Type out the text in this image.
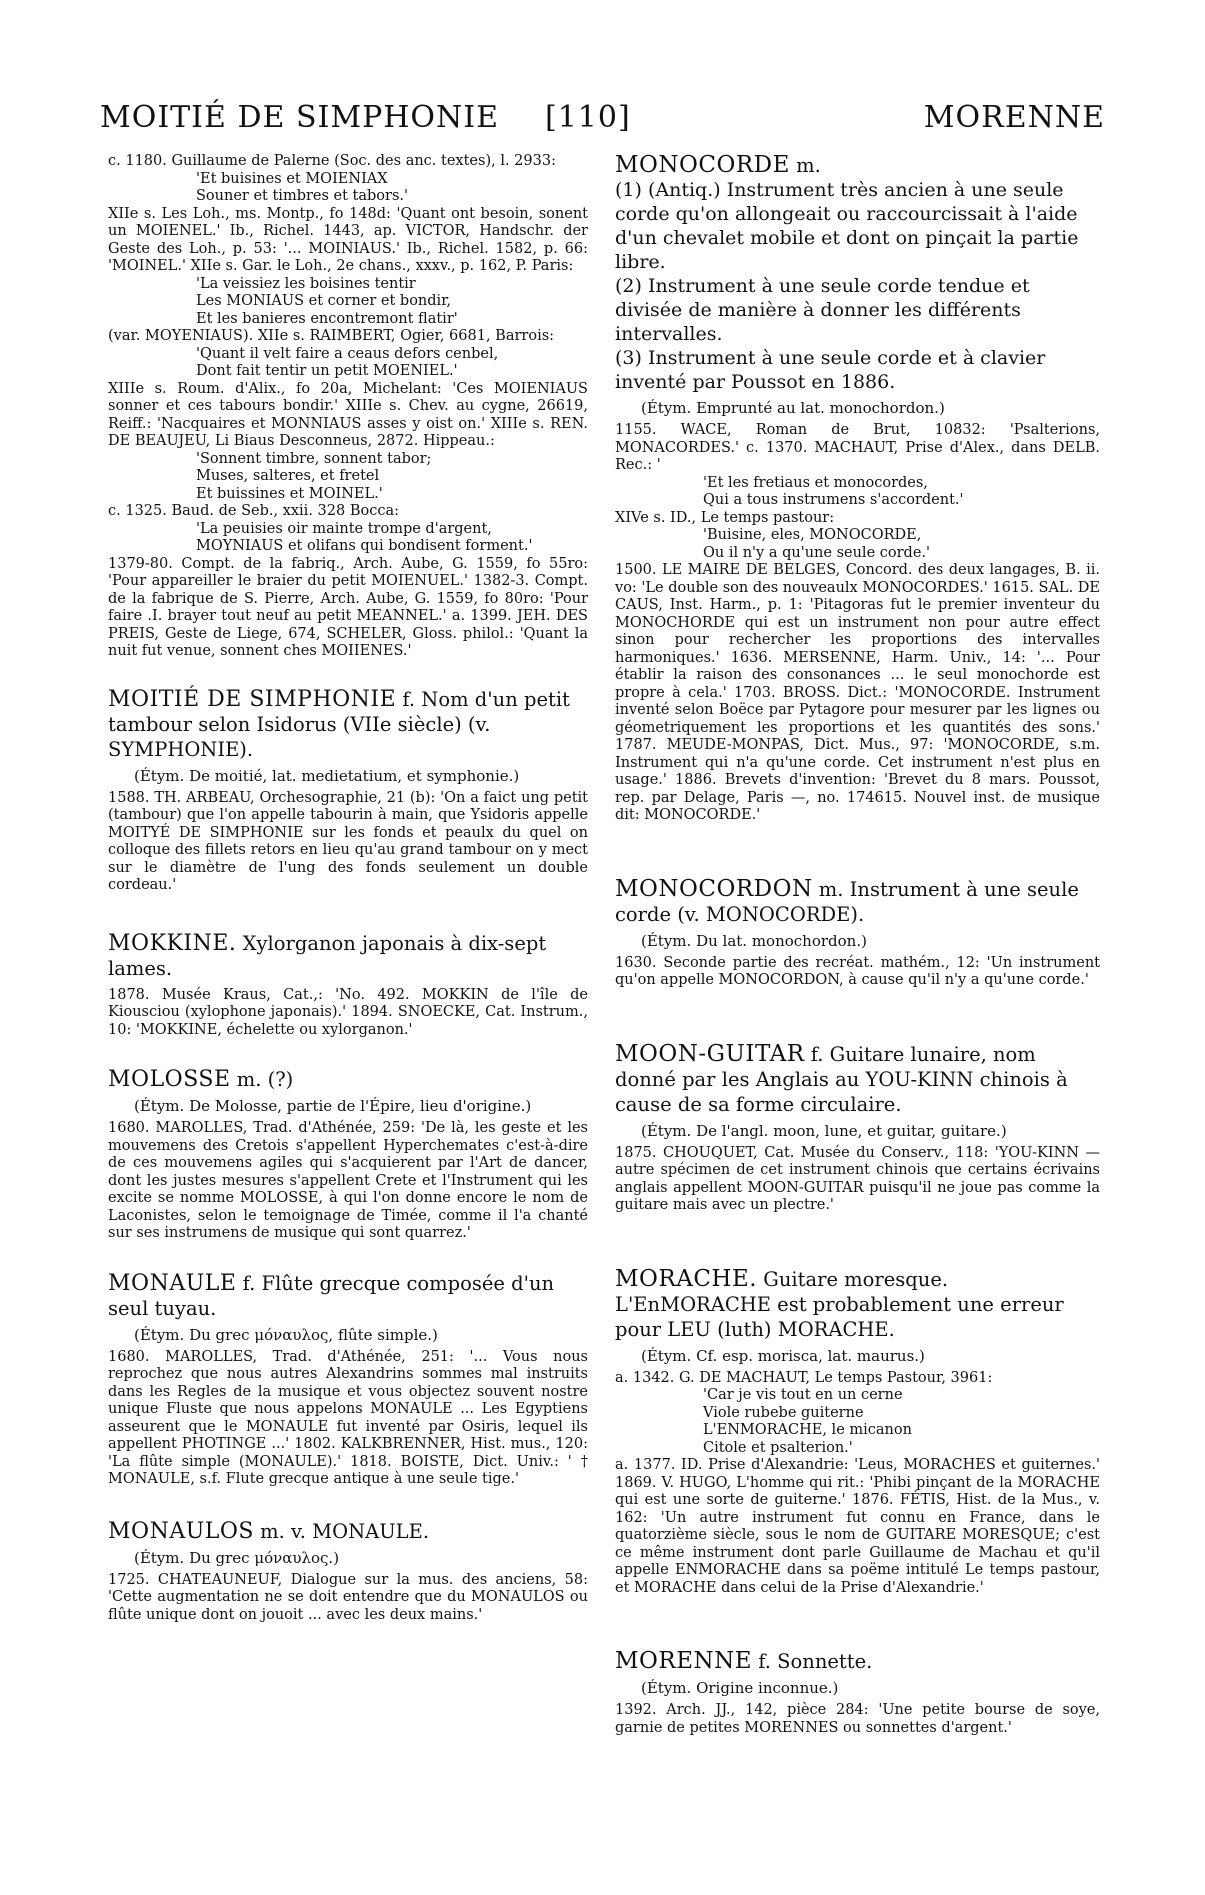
MOITIÉ DE SIMPHONIE [110]	MORENNE

c. 1180. Guillaume de Palerne (Soc. des anc. textes), l. 2933:

'Et buisines et MOIENIAX
Souner et timbres et tabors.'

XIIe s. Les Loh., ms. Montp., fo 148d: 'Quant ont besoin, sonent un MOIENEL.' Ib., Richel. 1443, ap. VICTOR, Handschr. der Geste des Loh., p. 53: '... MOINIAUS.' Ib., Richel. 1582, p. 66: 'MOINEL.' XIIe s. Gar. le Loh., 2e chans., xxxv., p. 162, P. Paris:

'La veissiez les boisines tentir
Les MONIAUS et corner et bondir,
Et les banieres encontremont flatir'

(var. MOYENIAUS). XIIe s. RAIMBERT, Ogier, 6681, Barrois:

'Quant il velt faire a ceaus defors cenbel,
Dont fait tentir un petit MOENIEL.'

XIIIe s. Roum. d'Alix., fo 20a, Michelant: 'Ces MOIENIAUS sonner et ces tabours bondir.' XIIIe s. Chev. au cygne, 26619, Reiff.: 'Nacquaires et MONNIAUS asses y oist on.' XIIIe s. REN. DE BEAUJEU, Li Biaus Desconneus, 2872. Hippeau.:

'Sonnent timbre, sonnent tabor;
Muses, salteres, et fretel
Et buissines et MOINEL.'

c. 1325. Baud. de Seb., xxii. 328 Bocca:

'La peuisies oir mainte trompe d'argent,
MOYNIAUS et olifans qui bondisent forment.'

1379-80. Compt. de la fabriq., Arch. Aube, G. 1559, fo 55ro: 'Pour appareiller le braier du petit MOIENUEL.' 1382-3. Compt. de la fabrique de S. Pierre, Arch. Aube, G. 1559, fo 80ro: 'Pour faire .I. brayer tout neuf au petit MEANNEL.' a. 1399. JEH. DES PREIS, Geste de Liege, 674, SCHELER, Gloss. philol.: 'Quant la nuit fut venue, sonnent ches MOIIENES.'

MOITIÉ DE SIMPHONIE f. Nom d'un petit tambour selon Isidorus (VIIe siècle) (v. SYMPHONIE).

(Étym. De moitié, lat. medietatium, et symphonie.)

1588. TH. ARBEAU, Orchesographie, 21 (b): 'On a faict ung petit (tambour) que l'on appelle tabourin à main, que Ysidoris appelle MOITYÉ DE SIMPHONIE sur les fonds et peaulx du quel on colloque des fillets retors en lieu qu'au grand tambour on y mect sur le diamètre de l'ung des fonds seulement un double cordeau.'

MOKKINE. Xylorganon japonais à dix-sept lames.

1878. Musée Kraus, Cat.,: 'No. 492. MOKKIN de l'île de Kiousciou (xylophone japonais).' 1894. SNOECKE, Cat. Instrum., 10: 'MOKKINE, échelette ou xylorganon.'

MOLOSSE m. (?)

(Étym. De Molosse, partie de l'Épire, lieu d'origine.)

1680. MAROLLES, Trad. d'Athénée, 259: 'De là, les geste et les mouvemens des Cretois s'appellent Hyperchemates c'est-à-dire de ces mouvemens agiles qui s'acquierent par l'Art de dancer, dont les justes mesures s'appellent Crete et l'Instrument qui les excite se nomme MOLOSSE, à qui l'on donne encore le nom de Laconistes, selon le temoignage de Timée, comme il l'a chanté sur ses instrumens de musique qui sont quarrez.'

MONAULE f. Flûte grecque composée d'un seul tuyau.

(Étym. Du grec μόναυλος, flûte simple.)

1680. MAROLLES, Trad. d'Athénée, 251: '... Vous nous reprochez que nous autres Alexandrins sommes mal instruits dans les Regles de la musique et vous objectez souvent nostre unique Fluste que nous appelons MONAULE ... Les Egyptiens asseurent que le MONAULE fut inventé par Osiris, lequel ils appellent PHOTINGE ...' 1802. KALKBRENNER, Hist. mus., 120: 'La flûte simple (MONAULE).' 1818. BOISTE, Dict. Univ.: ' † MONAULE, s.f. Flute grecque antique à une seule tige.'

MONAULOS m. v. MONAULE.

(Étym. Du grec μόναυλος.)

1725. CHATEAUNEUF, Dialogue sur la mus. des anciens, 58: 'Cette augmentation ne se doit entendre que du MONAULOS ou flûte unique dont on jouoit ... avec les deux mains.'

MONOCORDE m.

(1) (Antiq.) Instrument très ancien à une seule corde qu'on allongeait ou raccourcissait à l'aide d'un chevalet mobile et dont on pinçait la partie libre.

(2) Instrument à une seule corde tendue et divisée de manière à donner les différents intervalles.

(3) Instrument à une seule corde et à clavier inventé par Poussot en 1886.

(Étym. Emprunté au lat. monochordon.)

1155. WACE, Roman de Brut, 10832: 'Psalterions, MONACORDES.' c. 1370. MACHAUT, Prise d'Alex., dans DELB. Rec.: '

'Et les fretiaus et monocordes,
Qui a tous instrumens s'accordent.'

XIVe s. ID., Le temps pastour:

'Buisine, eles, MONOCORDE,
Ou il n'y a qu'une seule corde.'

1500. LE MAIRE DE BELGES, Concord. des deux langages, B. ii. vo: 'Le double son des nouveaulx MONOCORDES.' 1615. SAL. DE CAUS, Inst. Harm., p. 1: 'Pitagoras fut le premier inventeur du MONOCHORDE qui est un instrument non pour autre effect sinon pour rechercher les proportions des intervalles harmoniques.' 1636. MERSENNE, Harm. Univ., 14: '... Pour établir la raison des consonances ... le seul monochorde est propre à cela.' 1703. BROSS. Dict.: 'MONOCORDE. Instrument inventé selon Boëce par Pytagore pour mesurer par les lignes ou géometriquement les proportions et les quantités des sons.' 1787. MEUDE-MONPAS, Dict. Mus., 97: 'MONOCORDE, s.m. Instrument qui n'a qu'une corde. Cet instrument n'est plus en usage.' 1886. Brevets d'invention: 'Brevet du 8 mars. Poussot, rep. par Delage, Paris —, no. 174615. Nouvel inst. de musique dit: MONOCORDE.'

MONOCORDON m. Instrument à une seule corde (v. MONOCORDE).

(Étym. Du lat. monochordon.)

1630. Seconde partie des recréat. mathém., 12: 'Un instrument qu'on appelle MONOCORDON, à cause qu'il n'y a qu'une corde.'

MOON-GUITAR f. Guitare lunaire, nom donné par les Anglais au YOU-KINN chinois à cause de sa forme circulaire.

(Étym. De l'angl. moon, lune, et guitar, guitare.)

1875. CHOUQUET, Cat. Musée du Conserv., 118: 'YOU-KINN — autre spécimen de cet instrument chinois que certains écrivains anglais appellent MOON-GUITAR puisqu'il ne joue pas comme la guitare mais avec un plectre.'

MORACHE. Guitare moresque. L'EnMORACHE est probablement une erreur pour LEU (luth) MORACHE.

(Étym. Cf. esp. morisca, lat. maurus.)

a. 1342. G. DE MACHAUT, Le temps Pastour, 3961:

'Car je vis tout en un cerne
Viole rubebe guiterne
L'ENMORACHE, le micanon
Citole et psalterion.'

a. 1377. ID. Prise d'Alexandrie: 'Leus, MORACHES et guiternes.' 1869. V. HUGO, L'homme qui rit.: 'Phibi pinçant de la MORACHE qui est une sorte de guiterne.' 1876. FÉTIS, Hist. de la Mus., v. 162: 'Un autre instrument fut connu en France, dans le quatorzième siècle, sous le nom de GUITARE MORESQUE; c'est ce même instrument dont parle Guillaume de Machau et qu'il appelle ENMORACHE dans sa poëme intitulé Le temps pastour, et MORACHE dans celui de la Prise d'Alexandrie.'

MORENNE f. Sonnette.

(Étym. Origine inconnue.)

1392. Arch. JJ., 142, pièce 284: 'Une petite bourse de soye, garnie de petites MORENNES ou sonnettes d'argent.'
